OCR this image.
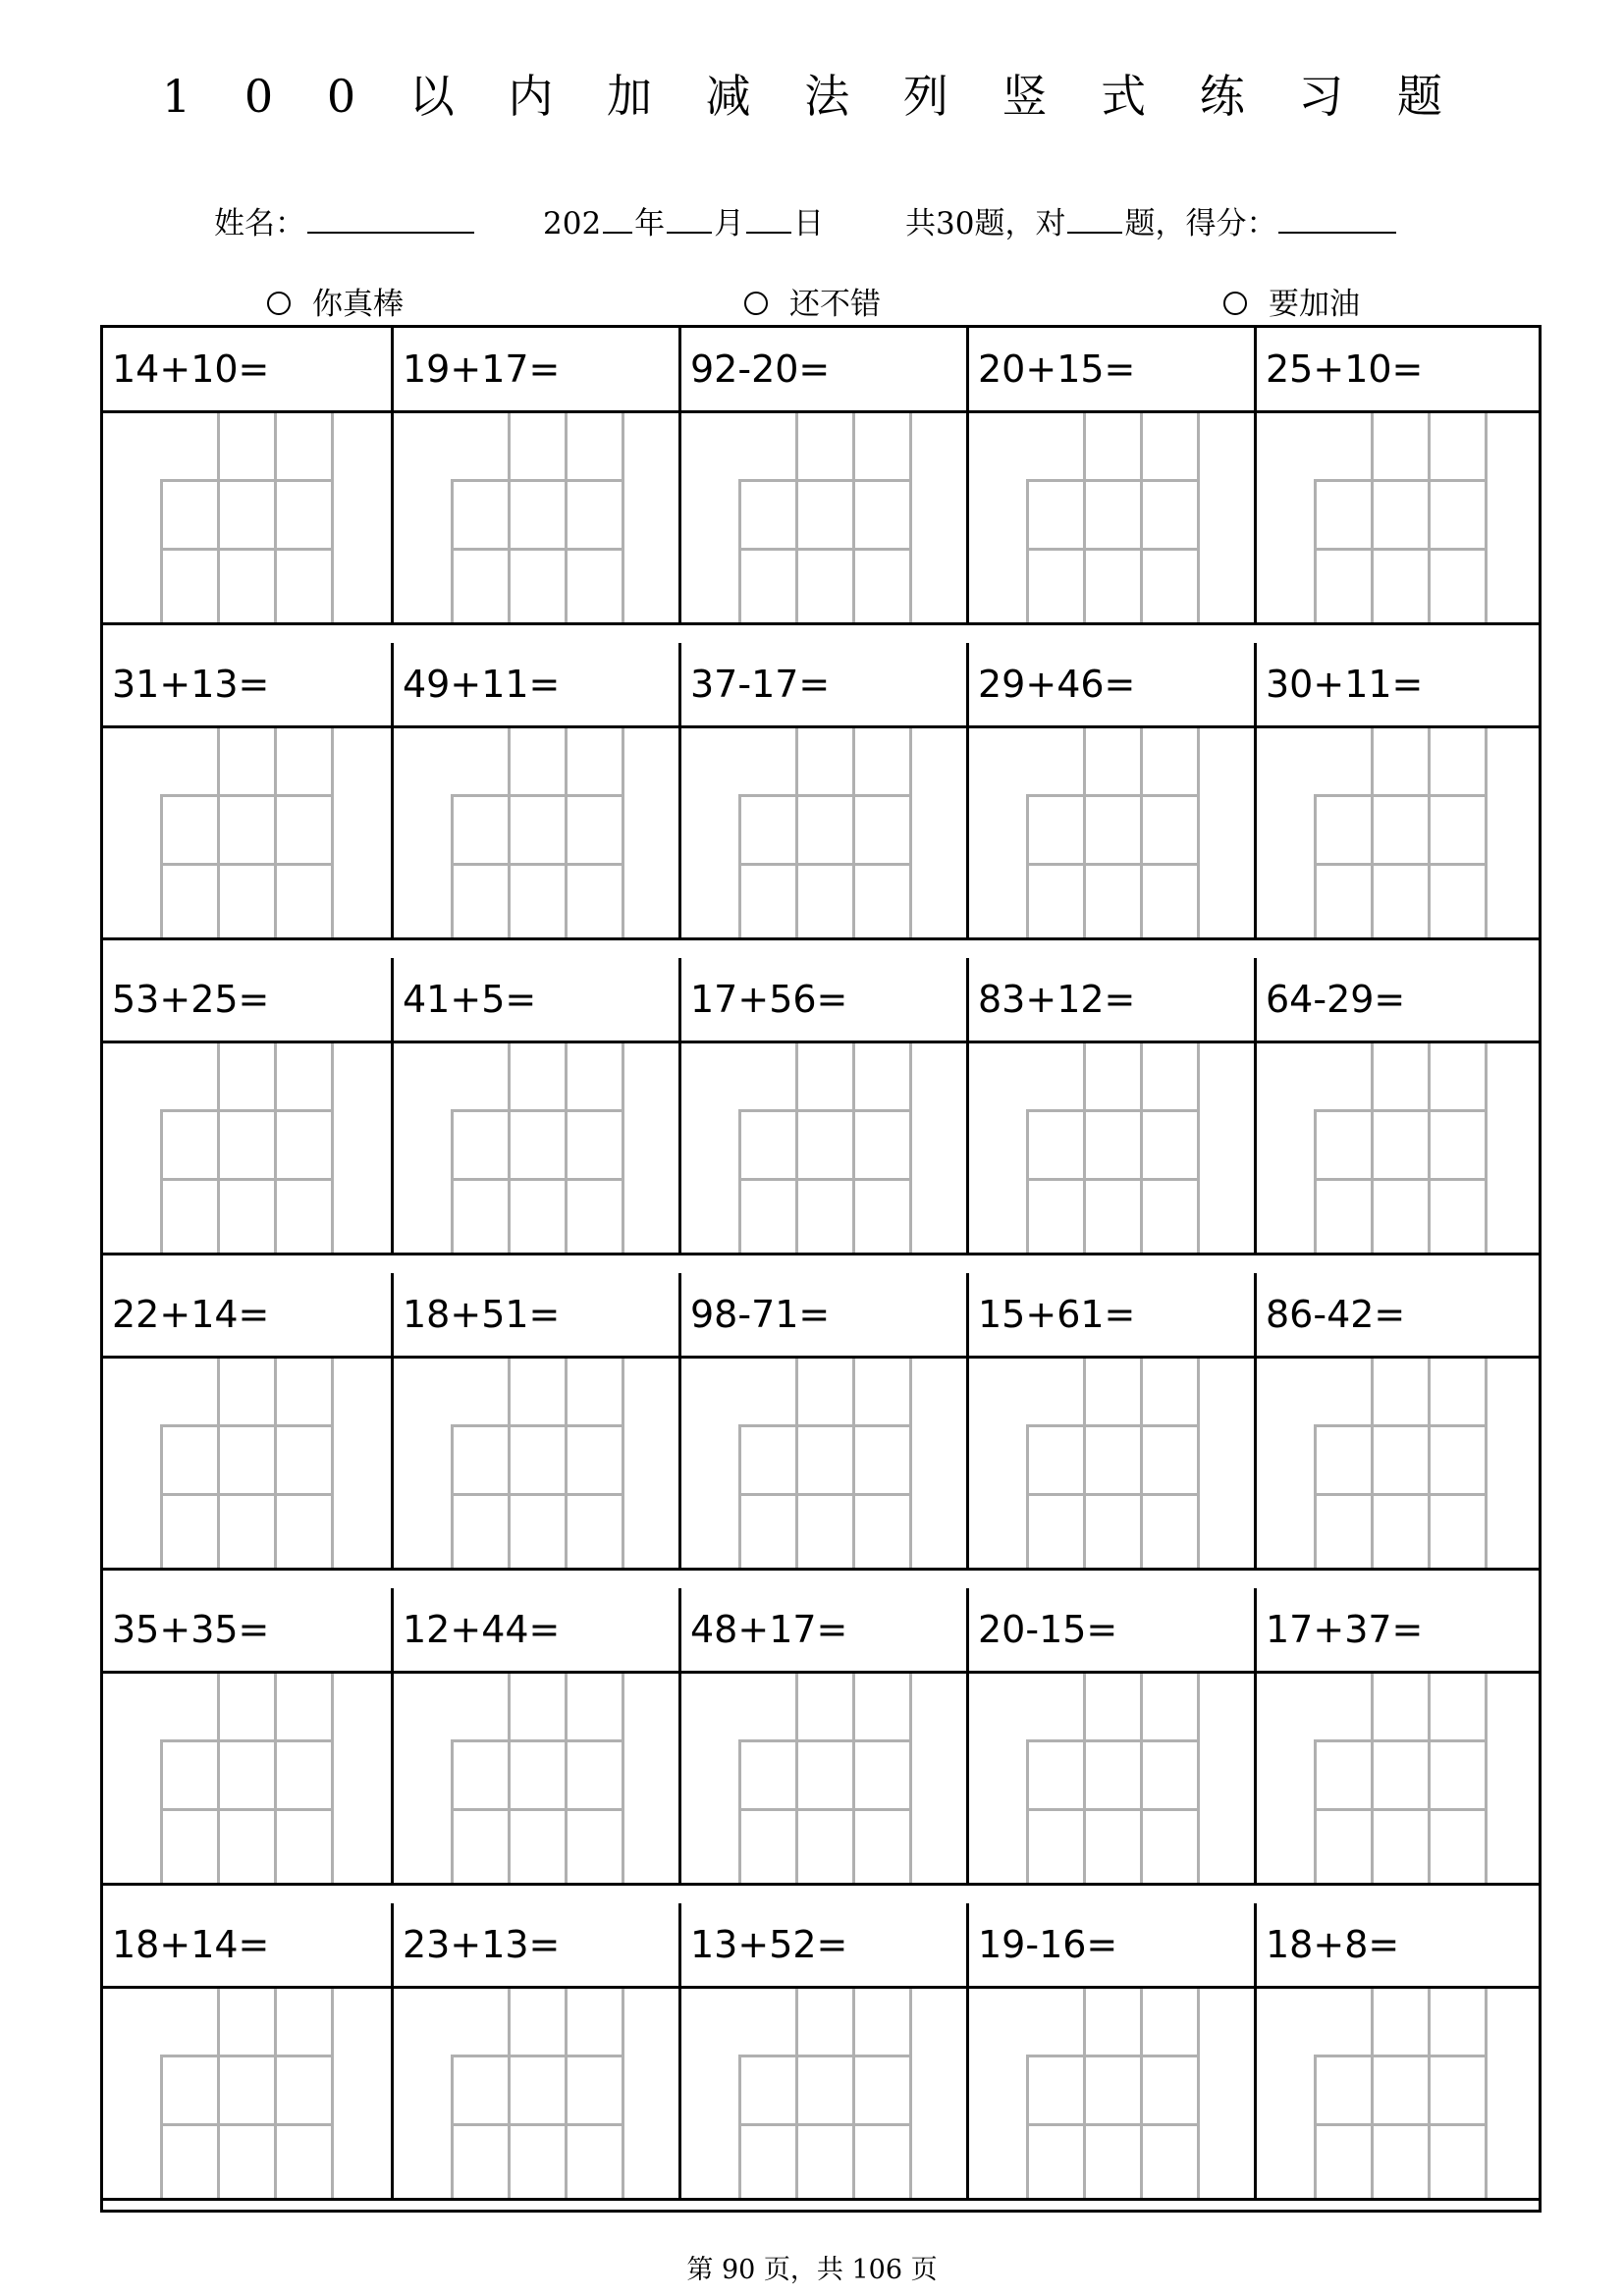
1 0 0 以 内 加 减 法 列 竖 式 练 习 题
姓名：	202 年 月 日	共30题，对 题，得分：
你真棒	还不错	要加油
14+10=	19+17=	92-20=	20+15=	25+10=
31+13=	49+11=	37-17=	29+46=	30+11=
53+25=	41+5=	17+56=	83+12=	64-29=
22+14=	18+51=	98-71=	15+61=	86-42=
35+35=	12+44=	48+17=	20-15=	17+37=
18+14=	23+13=	13+52=	19-16=	18+8=
第 90 页，共 106 页
